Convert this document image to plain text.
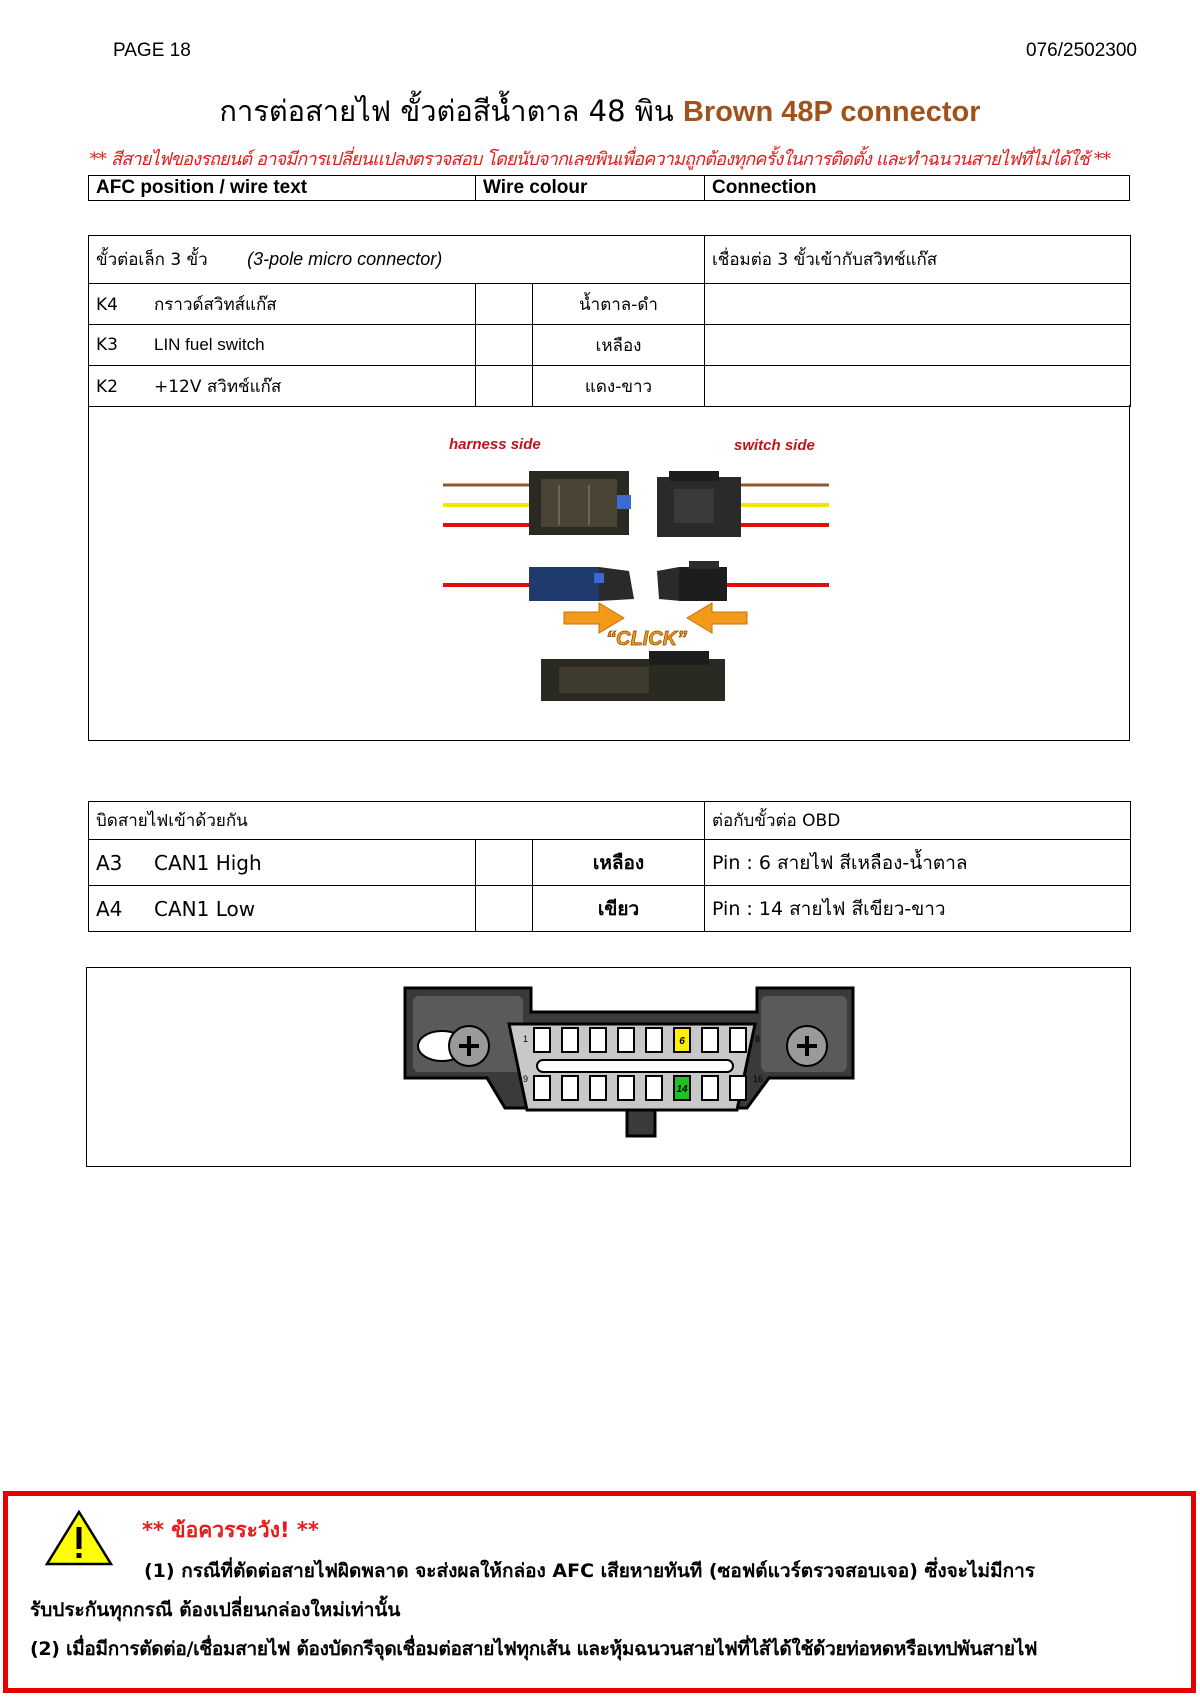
PAGE 18	076/2502300
การต่อสายไฟ ขั้วต่อสีน้ำตาล 48 พิน Brown 48P connector
** สีสายไฟของรถยนต์ อาจมีการเปลี่ยนแปลงตรวจสอบ โดยนับจากเลขพินเพื่อความถูกต้องทุกครั้งในการติดตั้ง และทำฉนวนสายไฟที่ไม่ได้ใช้ **
AFC position / wire text	Wire colour	Connection
ขั้วต่อเล็ก 3 ขั้ว (3-pole micro connector)			เชื่อมต่อ 3 ขั้วเข้ากับสวิทช์แก๊ส
K4 กราวด์สวิทส์แก๊ส		น้ำตาล-ดำ	
K3 LIN fuel switch		เหลือง	
K2 +12V สวิทช์แก๊ส		แดง-ขาว	
harness side	switch side
“CLICK”
บิดสายไฟเข้าด้วยกัน			ต่อกับขั้วต่อ OBD
A3 CAN1 High		เหลือง	Pin : 6 สายไฟ สีเหลือง-น้ำตาล
A4 CAN1 Low		เขียว	Pin : 14 สายไฟ สีเขียว-ขาว
6
14
1	8
9	16
** ข้อควรระวัง! **
(1) กรณีที่ตัดต่อสายไฟผิดพลาด จะส่งผลให้กล่อง AFC เสียหายทันที (ซอฟต์แวร์ตรวจสอบเจอ) ซึ่งจะไม่มีการ
รับประกันทุกกรณี ต้องเปลี่ยนกล่องใหม่เท่านั้น
(2) เมื่อมีการตัดต่อ/เชื่อมสายไฟ ต้องบัดกรีจุดเชื่อมต่อสายไฟทุกเส้น และหุ้มฉนวนสายไฟที่ไส้ได้ใช้ด้วยท่อหดหรือเทปพันสายไฟ
